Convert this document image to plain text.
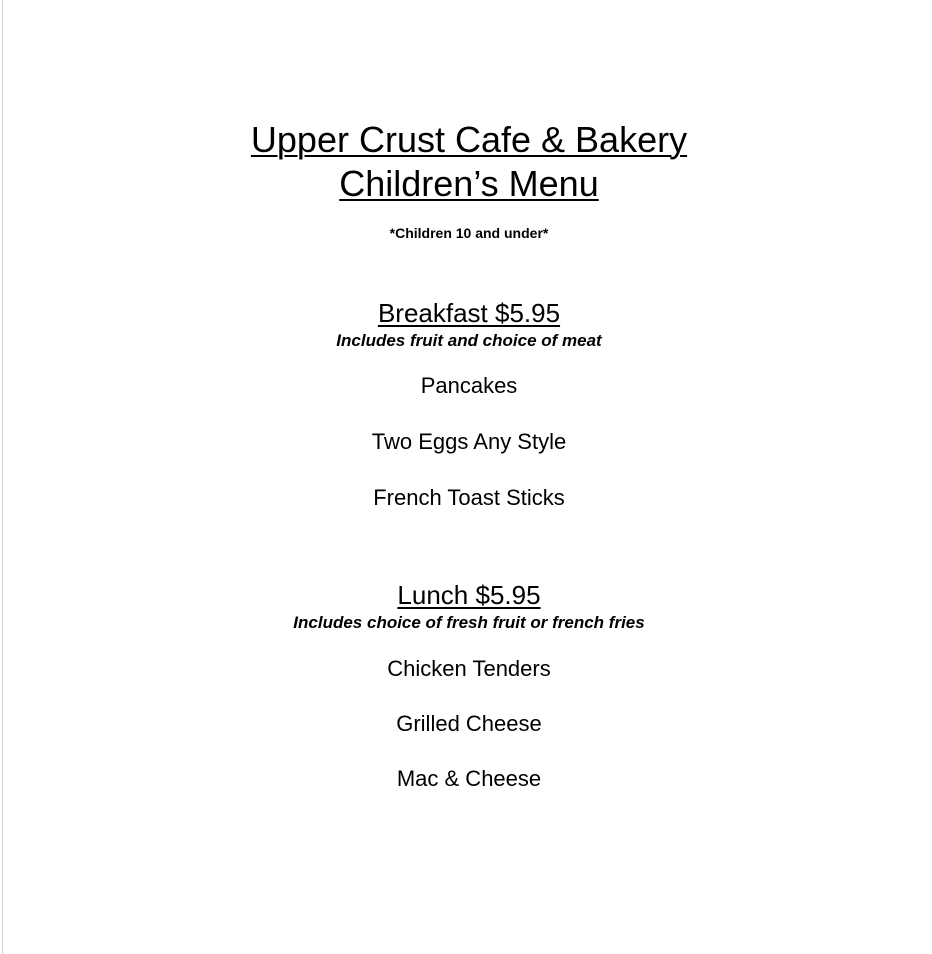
Upper Crust Cafe & Bakery
Children’s Menu
*Children 10 and under*
Breakfast $5.95
Includes fruit and choice of meat
Pancakes
Two Eggs Any Style
French Toast Sticks
Lunch $5.95
Includes choice of fresh fruit or french fries
Chicken Tenders
Grilled Cheese
Mac & Cheese
